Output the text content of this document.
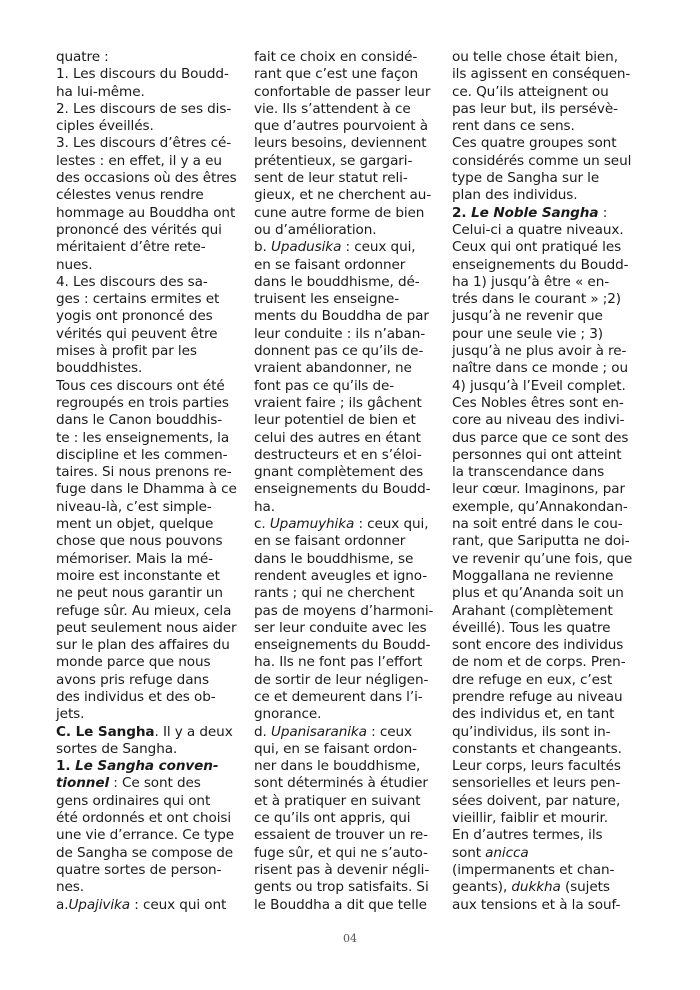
quatre :
1. Les discours du Boudd-
ha lui-même.
2. Les discours de ses dis-
ciples éveillés.
3. Les discours d’êtres cé-
lestes : en effet, il y a eu
des occasions où des êtres
célestes venus rendre
hommage au Bouddha ont
prononcé des vérités qui
méritaient d’être rete-
nues.
4. Les discours des sa-
ges : certains ermites et
yogis ont prononcé des
vérités qui peuvent être
mises à profit par les
bouddhistes.
Tous ces discours ont été
regroupés en trois parties
dans le Canon bouddhis-
te : les enseignements, la
discipline et les commen-
taires. Si nous prenons re-
fuge dans le Dhamma à ce
niveau-là, c’est simple-
ment un objet, quelque
chose que nous pouvons
mémoriser. Mais la mé-
moire est inconstante et
ne peut nous garantir un
refuge sûr. Au mieux, cela
peut seulement nous aider
sur le plan des affaires du
monde parce que nous
avons pris refuge dans
des individus et des ob-
jets.
C. Le Sangha. Il y a deux
sortes de Sangha.
1. Le Sangha conven-
tionnel : Ce sont des
gens ordinaires qui ont
été ordonnés et ont choisi
une vie d’errance. Ce type
de Sangha se compose de
quatre sortes de person-
nes.
a.Upajivika : ceux qui ont
fait ce choix en considé-
rant que c’est une façon
confortable de passer leur
vie. Ils s’attendent à ce
que d’autres pourvoient à
leurs besoins, deviennent
prétentieux, se gargari-
sent de leur statut reli-
gieux, et ne cherchent au-
cune autre forme de bien
ou d’amélioration.
b. Upadusika : ceux qui,
en se faisant ordonner
dans le bouddhisme, dé-
truisent les enseigne-
ments du Bouddha de par
leur conduite : ils n’aban-
donnent pas ce qu’ils de-
vraient abandonner, ne
font pas ce qu’ils de-
vraient faire ; ils gâchent
leur potentiel de bien et
celui des autres en étant
destructeurs et en s’éloi-
gnant complètement des
enseignements du Boudd-
ha.
c. Upamuyhika : ceux qui,
en se faisant ordonner
dans le bouddhisme, se
rendent aveugles et igno-
rants ; qui ne cherchent
pas de moyens d’harmoni-
ser leur conduite avec les
enseignements du Boudd-
ha. Ils ne font pas l’effort
de sortir de leur négligen-
ce et demeurent dans l’i-
gnorance.
d. Upanisaranika : ceux
qui, en se faisant ordon-
ner dans le bouddhisme,
sont déterminés à étudier
et à pratiquer en suivant
ce qu’ils ont appris, qui
essaient de trouver un re-
fuge sûr, et qui ne s’auto-
risent pas à devenir négli-
gents ou trop satisfaits. Si
le Bouddha a dit que telle
ou telle chose était bien,
ils agissent en conséquen-
ce. Qu’ils atteignent ou
pas leur but, ils persévè-
rent dans ce sens.
Ces quatre groupes sont
considérés comme un seul
type de Sangha sur le
plan des individus.
2. Le Noble Sangha :
Celui-ci a quatre niveaux.
Ceux qui ont pratiqué les
enseignements du Boudd-
ha 1) jusqu’à être « en-
trés dans le courant » ;2)
jusqu’à ne revenir que
pour une seule vie ; 3)
jusqu’à ne plus avoir à re-
naître dans ce monde ; ou
4) jusqu’à l’Eveil complet.
Ces Nobles êtres sont en-
core au niveau des indivi-
dus parce que ce sont des
personnes qui ont atteint
la transcendance dans
leur cœur. Imaginons, par
exemple, qu’Annakondan-
na soit entré dans le cou-
rant, que Sariputta ne doi-
ve revenir qu’une fois, que
Moggallana ne revienne
plus et qu’Ananda soit un
Arahant (complètement
éveillé). Tous les quatre
sont encore des individus
de nom et de corps. Pren-
dre refuge en eux, c’est
prendre refuge au niveau
des individus et, en tant
qu’individus, ils sont in-
constants et changeants.
Leur corps, leurs facultés
sensorielles et leurs pen-
sées doivent, par nature,
vieillir, faiblir et mourir.
En d’autres termes, ils
sont anicca
(impermanents et chan-
geants), dukkha (sujets
aux tensions et à la souf-
04
